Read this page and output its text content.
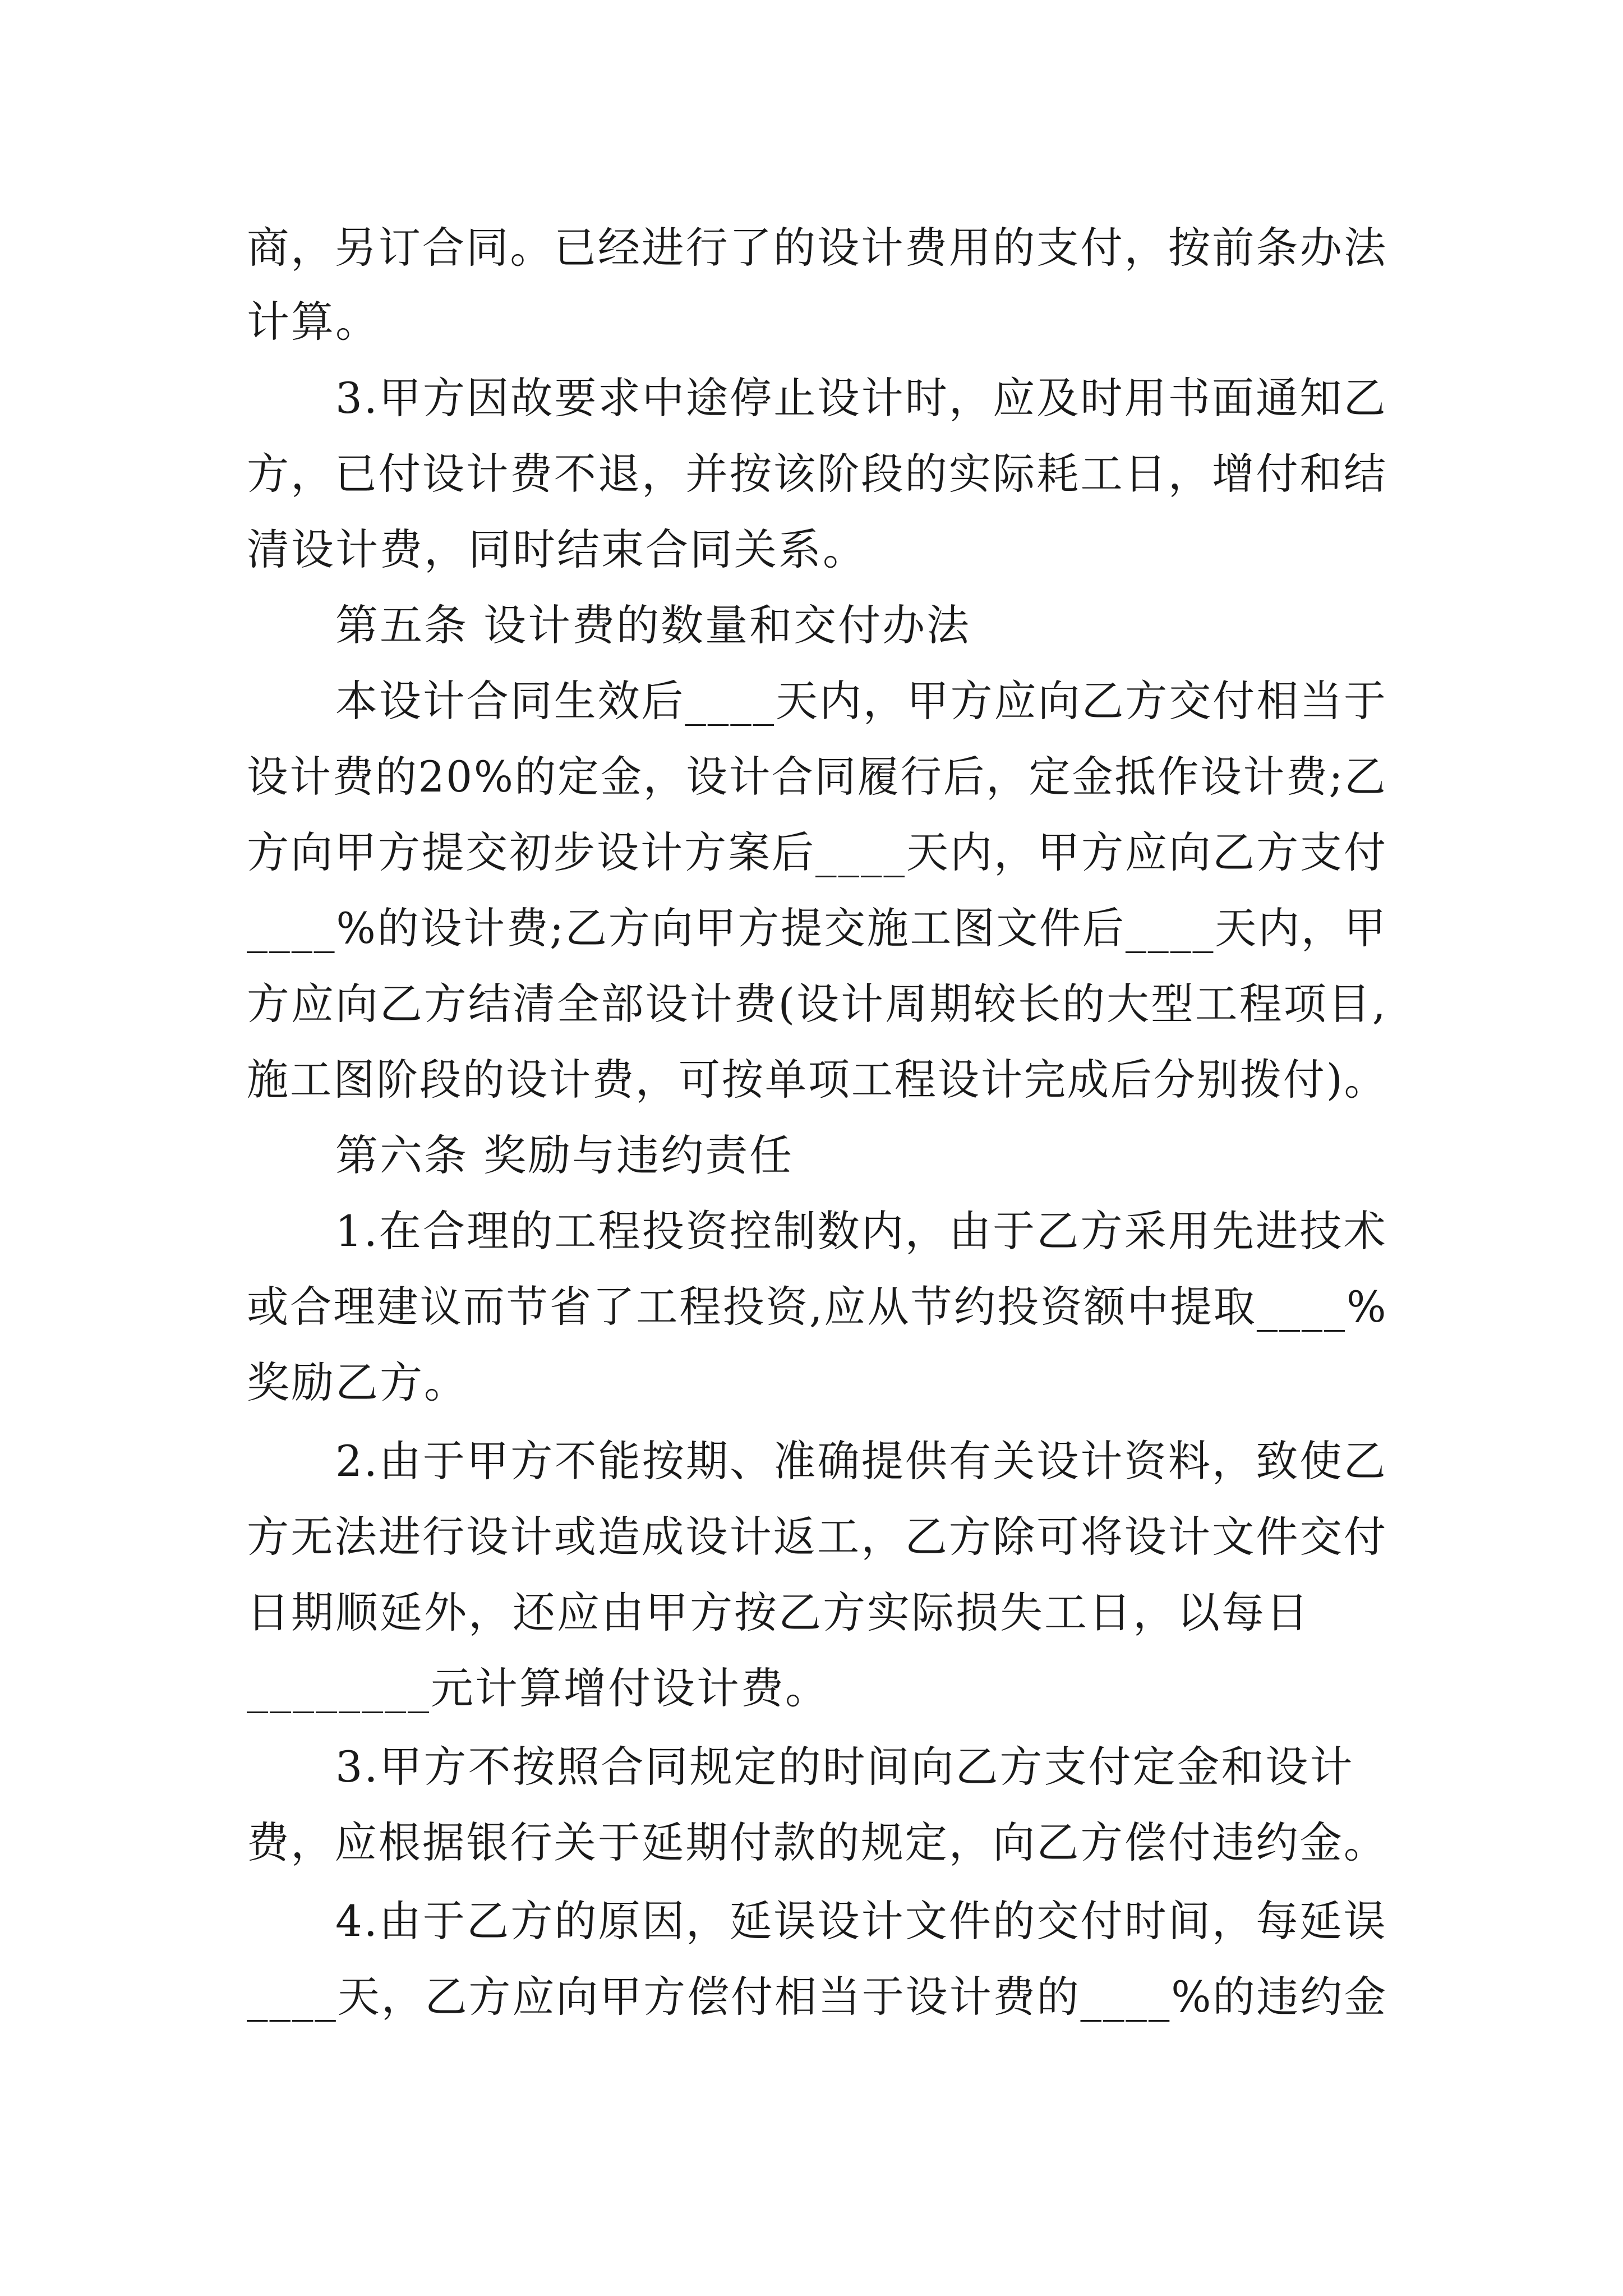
商，另订合同。已经进行了的设计费用的支付，按前条办法
计算。
3.甲方因故要求中途停止设计时，应及时用书面通知乙
方，已付设计费不退，并按该阶段的实际耗工日，增付和结
清设计费，同时结束合同关系。
第五条 设计费的数量和交付办法
本设计合同生效后____天内，甲方应向乙方交付相当于
设计费的20%的定金，设计合同履行后，定金抵作设计费;乙
方向甲方提交初步设计方案后____天内，甲方应向乙方支付
____%的设计费;乙方向甲方提交施工图文件后____天内，甲
方应向乙方结清全部设计费(设计周期较长的大型工程项目,
施工图阶段的设计费，可按单项工程设计完成后分别拨付)。
第六条 奖励与违约责任
1.在合理的工程投资控制数内，由于乙方采用先进技术
或合理建议而节省了工程投资,应从节约投资额中提取____%
奖励乙方。
2.由于甲方不能按期、准确提供有关设计资料，致使乙
方无法进行设计或造成设计返工，乙方除可将设计文件交付
日期顺延外，还应由甲方按乙方实际损失工日，以每日
________元计算增付设计费。
3.甲方不按照合同规定的时间向乙方支付定金和设计
费，应根据银行关于延期付款的规定，向乙方偿付违约金。
4.由于乙方的原因，延误设计文件的交付时间，每延误
____天，乙方应向甲方偿付相当于设计费的____%的违约金
